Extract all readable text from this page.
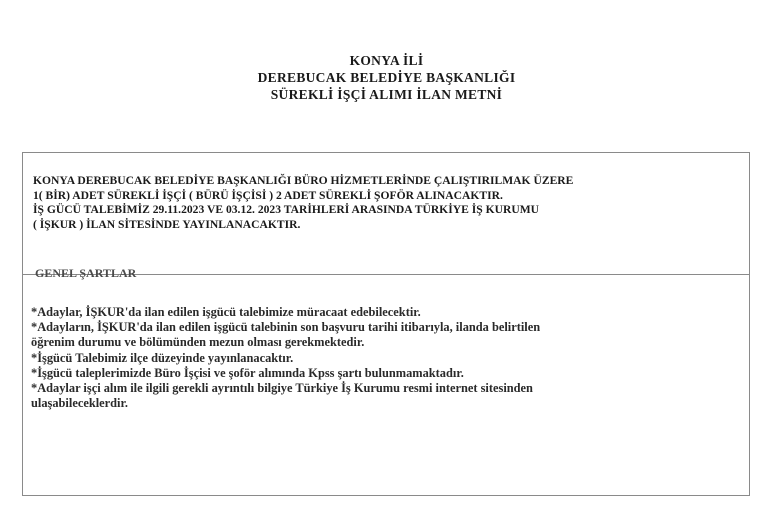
KONYA İLİ
DEREBUCAK BELEDİYE BAŞKANLIĞI
SÜREKLİ İŞÇİ ALIMI İLAN METNİ
KONYA DEREBUCAK BELEDİYE BAŞKANLIĞI BÜRO HİZMETLERİNDE ÇALIŞTIRILMAK ÜZERE
1( BİR) ADET SÜREKLİ İŞÇİ ( BÜRÜ İŞÇİSİ ) 2 ADET SÜREKLİ ŞOFÖR ALINACAKTIR.
İŞ GÜCÜ TALEBİMİZ 29.11.2023 VE 03.12. 2023 TARİHLERİ ARASINDA TÜRKİYE İŞ KURUMU
( İŞKUR ) İLAN SİTESİNDE YAYINLANACAKTIR.
GENEL ŞARTLAR

*Adaylar, İŞKUR'da ilan edilen işgücü talebimize müracaat edebilecektir.

*Adayların, İŞKUR'da ilan edilen işgücü talebinin son başvuru tarihi itibarıyla, ilanda belirtilen

öğrenim durumu ve bölümünden mezun olması gerekmektedir.

*İşgücü Talebimiz ilçe düzeyinde yayınlanacaktır.

*İşgücü taleplerimizde Büro İşçisi ve şoför alımında Kpss şartı bulunmamaktadır.

*Adaylar işçi alım ile ilgili gerekli ayrıntılı bilgiye Türkiye İş Kurumu resmi internet sitesinden

ulaşabileceklerdir.
